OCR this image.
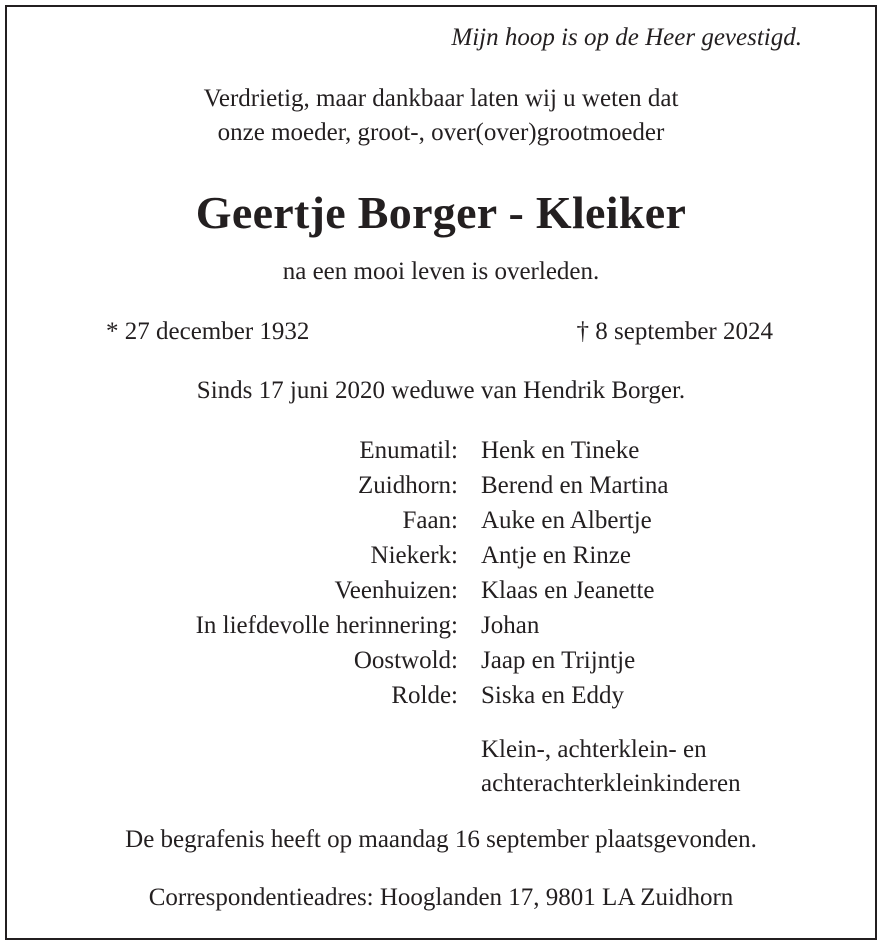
Mijn hoop is op de Heer gevestigd.
Verdrietig, maar dankbaar laten wij u weten dat
onze moeder, groot-, over(over)grootmoeder
Geertje Borger - Kleiker
na een mooi leven is overleden.
* 27 december 1932	† 8 september 2024
Sinds 17 juni 2020 weduwe van Hendrik Borger.
Enumatil: Henk en Tineke
Zuidhorn: Berend en Martina
Faan: Auke en Albertje
Niekerk: Antje en Rinze
Veenhuizen: Klaas en Jeanette
In liefdevolle herinnering: Johan
Oostwold: Jaap en Trijntje
Rolde: Siska en Eddy
Klein-, achterklein- en
achterachterkleinkinderen
De begrafenis heeft op maandag 16 september plaatsgevonden.
Correspondentieadres: Hooglanden 17, 9801 LA Zuidhorn
